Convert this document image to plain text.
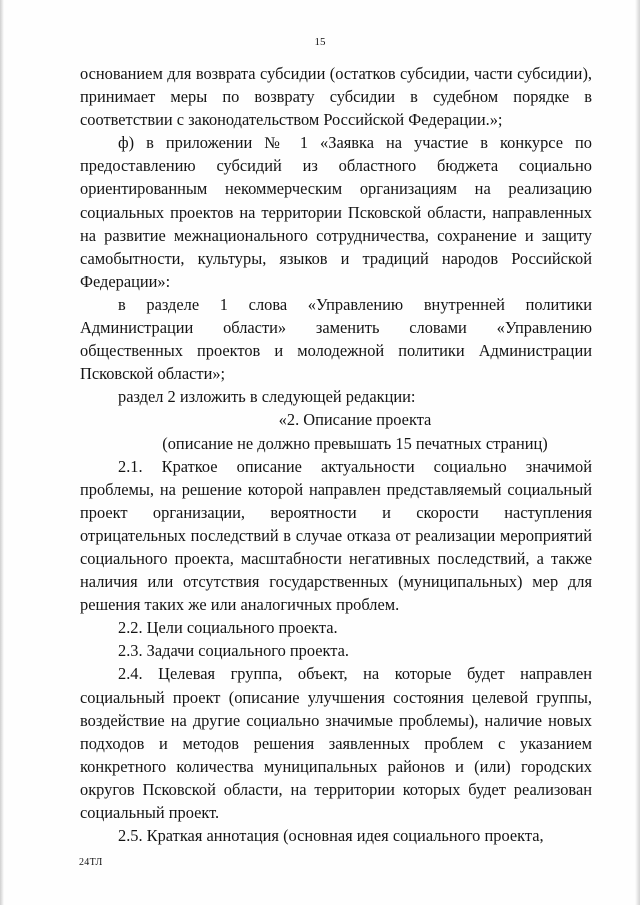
15

основанием для возврата субсидии (остатков субсидии, части субсидии), принимает меры по возврату субсидии в судебном порядке в соответствии с законодательством Российской Федерации.»;

ф) в приложении № 1 «Заявка на участие в конкурсе по предоставлению субсидий из областного бюджета социально ориентированным некоммерческим организациям на реализацию социальных проектов на территории Псковской области, направленных на развитие межнационального сотрудничества, сохранение и защиту самобытности, культуры, языков и традиций народов Российской Федерации»:

в разделе 1 слова «Управлению внутренней политики Администрации области» заменить словами «Управлению общественных проектов и молодежной политики Администрации Псковской области»;

раздел 2 изложить в следующей редакции:

«2. Описание проекта

(описание не должно превышать 15 печатных страниц)

2.1. Краткое описание актуальности социально значимой проблемы, на решение которой направлен представляемый социальный проект организации, вероятности и скорости наступления отрицательных последствий в случае отказа от реализации мероприятий социального проекта, масштабности негативных последствий, а также наличия или отсутствия государственных (муниципальных) мер для решения таких же или аналогичных проблем.

2.2. Цели социального проекта.

2.3. Задачи социального проекта.

2.4. Целевая группа, объект, на которые будет направлен социальный проект (описание улучшения состояния целевой группы, воздействие на другие социально значимые проблемы), наличие новых подходов и методов решения заявленных проблем с указанием конкретного количества муниципальных районов и (или) городских округов Псковской области, на территории которых будет реализован социальный проект.

2.5. Краткая аннотация (основная идея социального проекта,

24ТЛ
